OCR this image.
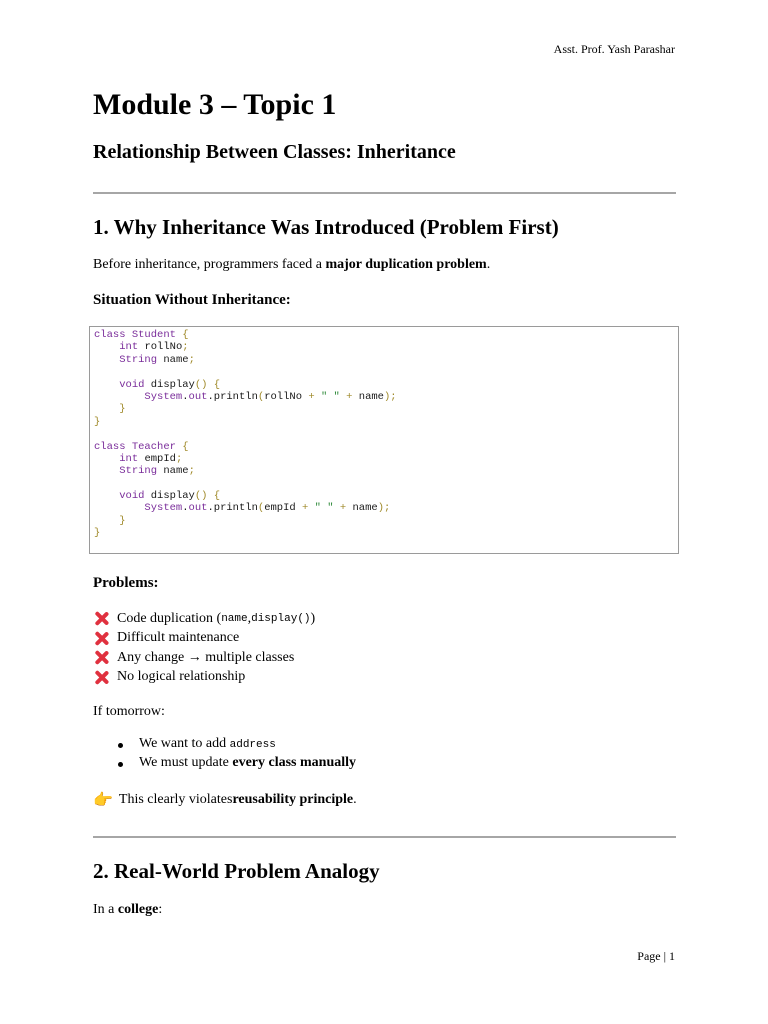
Asst. Prof. Yash Parashar
Module 3 – Topic 1
Relationship Between Classes: Inheritance
1. Why Inheritance Was Introduced (Problem First)

Before inheritance, programmers faced a major duplication problem.

Situation Without Inheritance:
class Student {
int rollNo;
String name;

void display() {
System.out.println(rollNo + " " + name);
}
}

class Teacher {
int empId;
String name;

void display() {
System.out.println(empId + " " + name);
}
}
Problems:
Code duplication ( name , display() )
Difficult maintenance
Any change → multiple classes
No logical relationship

If tomorrow:

We want to add address
We must update every class manually
👉 This clearly violates reusability principle .
2. Real-World Problem Analogy

In a college:

Page | 1
